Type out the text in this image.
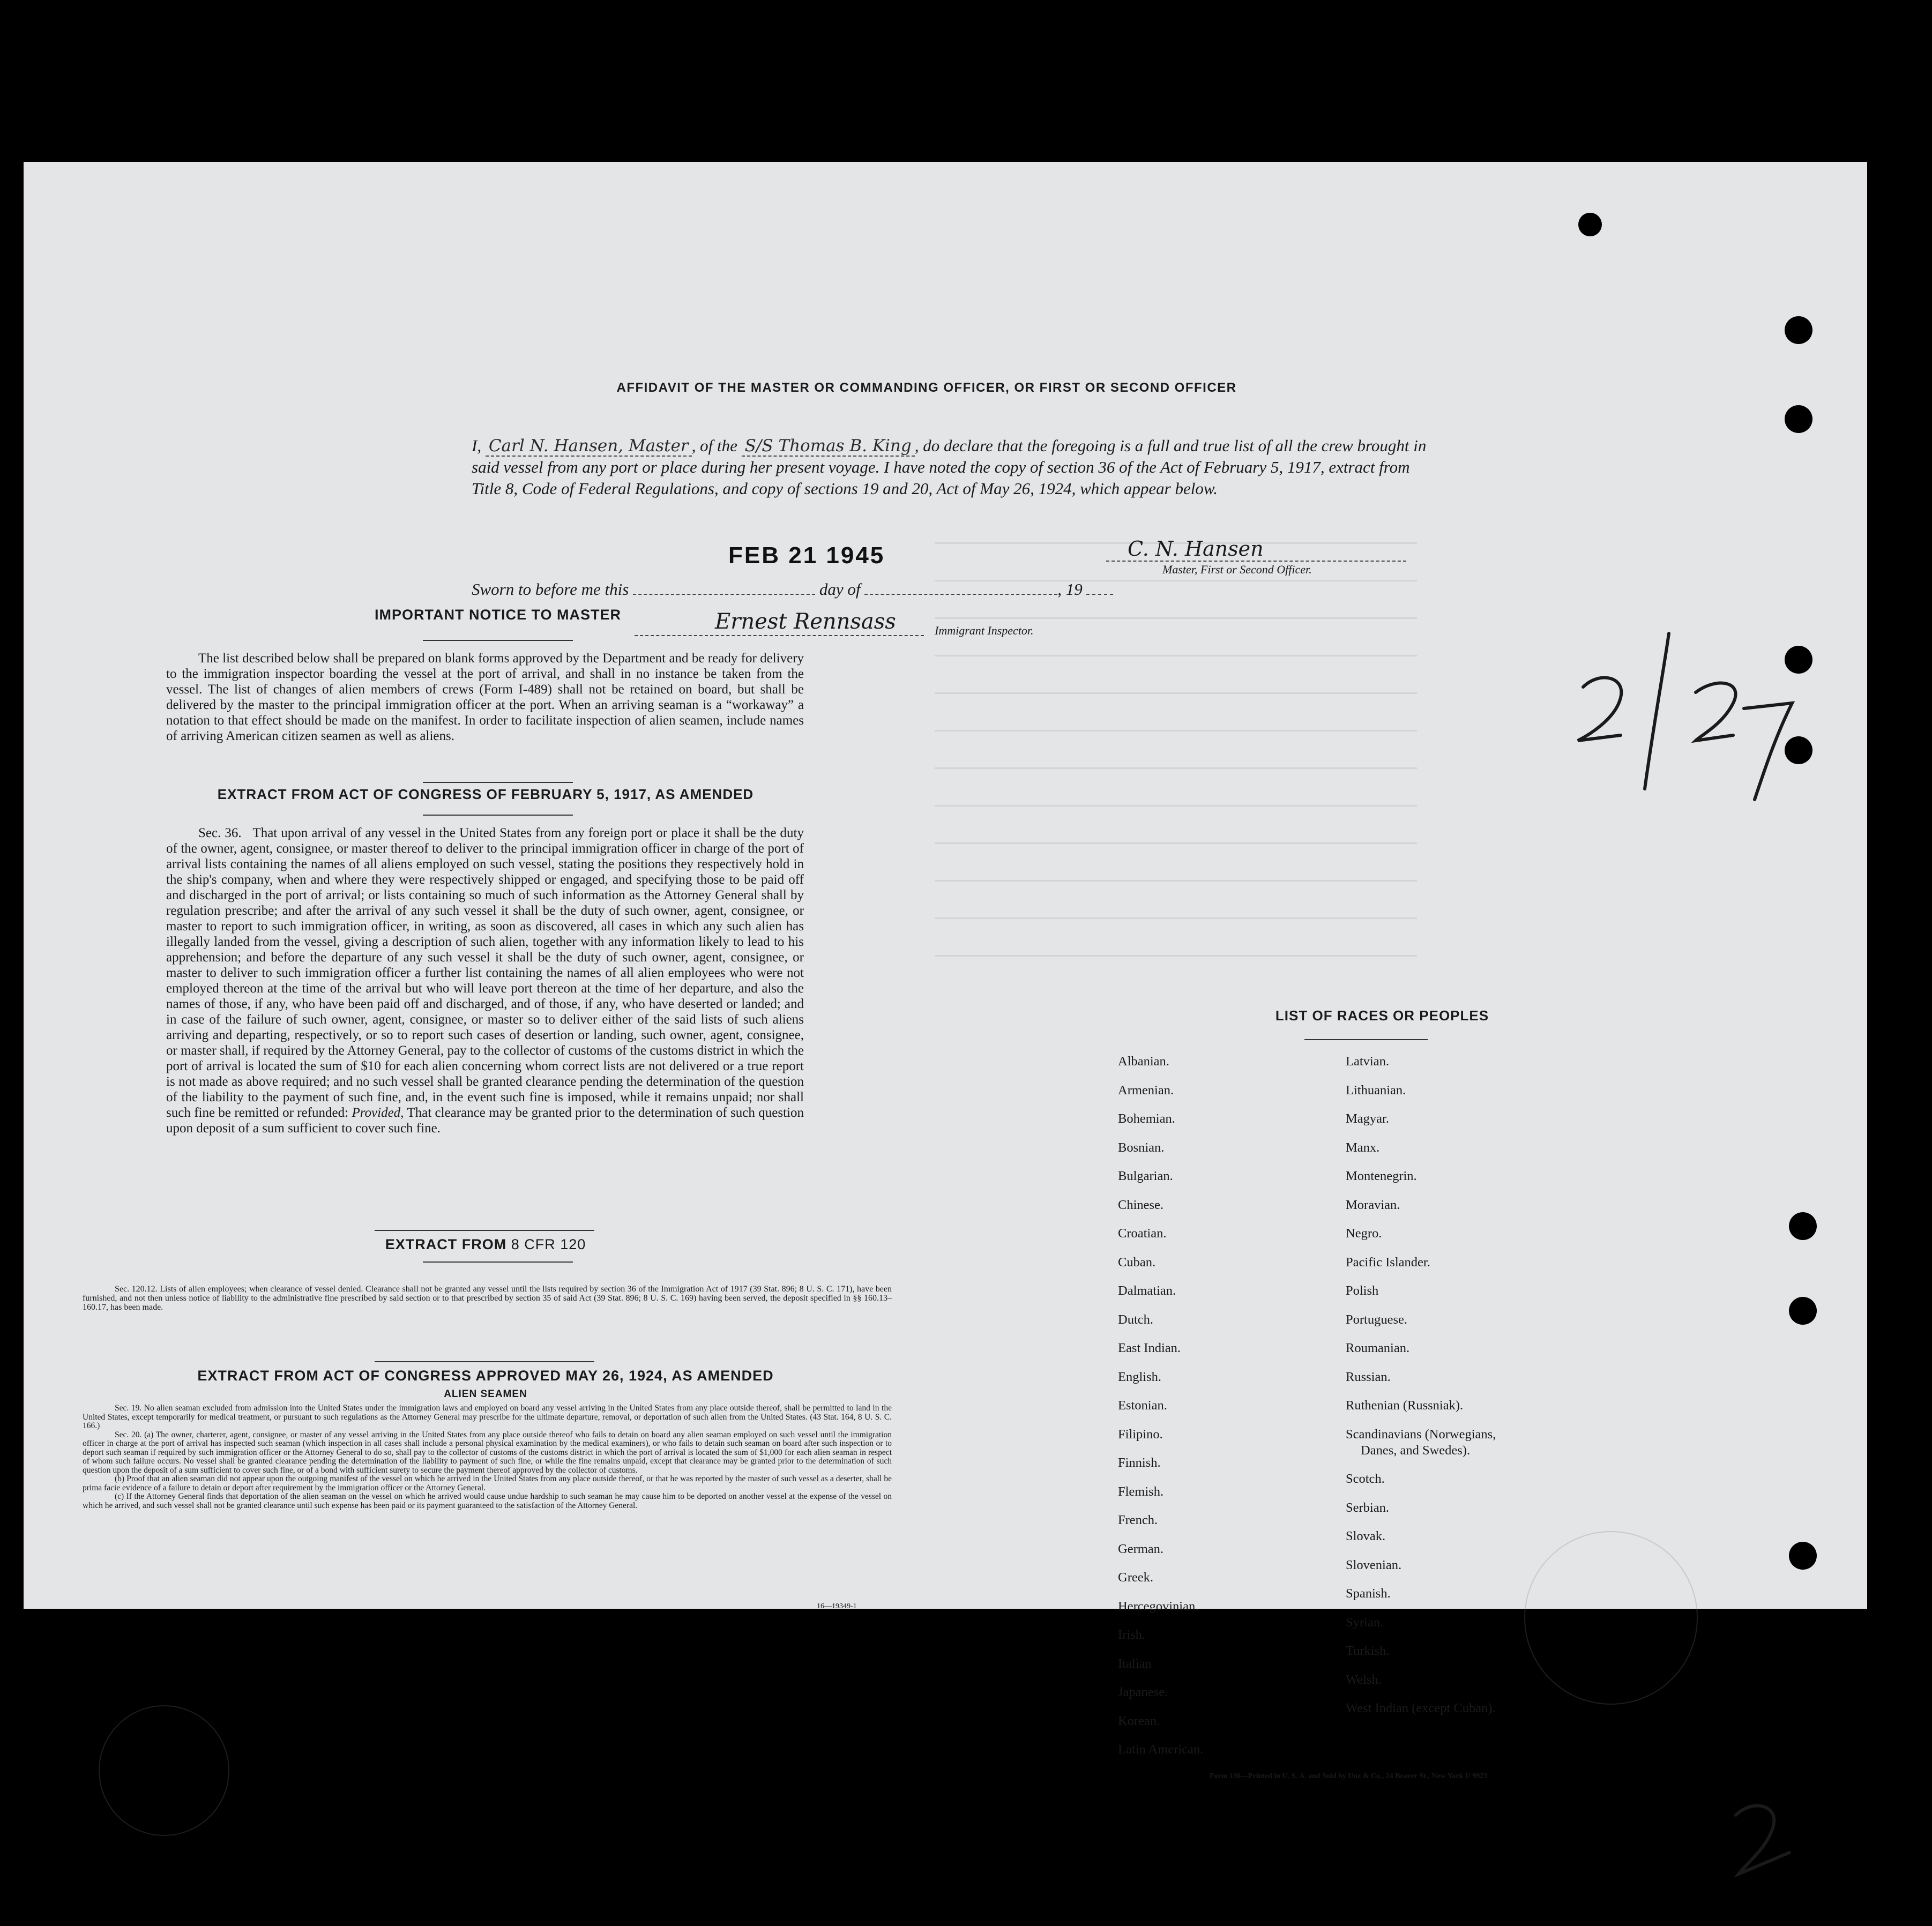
AFFIDAVIT OF THE MASTER OR COMMANDING OFFICER, OR FIRST OR SECOND OFFICER
I, Carl N. Hansen, Master , of the S/S Thomas B. King , do declare that the foregoing is a full and true list of all the crew brought in said vessel from any port or place during her present voyage. I have noted the copy of section 36 of the Act of February 5, 1917, extract from Title 8, Code of Federal Regulations, and copy of sections 19 and 20, Act of May 26, 1924, which appear below.
FEB 21 1945	C. N. Hansen
Master, First or Second Officer.
Sworn to before me this	day of	, 19
Ernest Rennsass	Immigrant Inspector.
IMPORTANT NOTICE TO MASTER
The list described below shall be prepared on blank forms approved by the Department and be ready for delivery to the immigration inspector boarding the vessel at the port of arrival, and shall in no instance be taken from the vessel. The list of changes of alien members of crews (Form I-489) shall not be retained on board, but shall be delivered by the master to the principal immigration officer at the port. When an arriving seaman is a “workaway” a notation to that effect should be made on the manifest. In order to facilitate inspection of alien seamen, include names of arriving American citizen seamen as well as aliens.
EXTRACT FROM ACT OF CONGRESS OF FEBRUARY 5, 1917, AS AMENDED
Sec. 36. That upon arrival of any vessel in the United States from any foreign port or place it shall be the duty of the owner, agent, consignee, or master thereof to deliver to the principal immigration officer in charge of the port of arrival lists containing the names of all aliens employed on such vessel, stating the positions they respectively hold in the ship's company, when and where they were respectively shipped or engaged, and specifying those to be paid off and discharged in the port of arrival; or lists containing so much of such information as the Attorney General shall by regulation prescribe; and after the arrival of any such vessel it shall be the duty of such owner, agent, consignee, or master to report to such immigration officer, in writing, as soon as discovered, all cases in which any such alien has illegally landed from the vessel, giving a description of such alien, together with any information likely to lead to his apprehension; and before the departure of any such vessel it shall be the duty of such owner, agent, consignee, or master to deliver to such immigration officer a further list containing the names of all alien employees who were not employed thereon at the time of the arrival but who will leave port thereon at the time of her departure, and also the names of those, if any, who have been paid off and discharged, and of those, if any, who have deserted or landed; and in case of the failure of such owner, agent, consignee, or master so to deliver either of the said lists of such aliens arriving and departing, respectively, or so to report such cases of desertion or landing, such owner, agent, consignee, or master shall, if required by the Attorney General, pay to the collector of customs of the customs district in which the port of arrival is located the sum of $10 for each alien concerning whom correct lists are not delivered or a true report is not made as above required; and no such vessel shall be granted clearance pending the determination of the question of the liability to the payment of such fine, and, in the event such fine is imposed, while it remains unpaid; nor shall such fine be remitted or refunded: Provided, That clearance may be granted prior to the determination of such question upon deposit of a sum sufficient to cover such fine.
EXTRACT FROM 8 CFR 120
Sec. 120.12. Lists of alien employees; when clearance of vessel denied. Clearance shall not be granted any vessel until the lists required by section 36 of the Immigration Act of 1917 (39 Stat. 896; 8 U. S. C. 171), have been furnished, and not then unless notice of liability to the administrative fine prescribed by said section or to that prescribed by section 35 of said Act (39 Stat. 896; 8 U. S. C. 169) having been served, the deposit specified in §§ 160.13–160.17, has been made.
EXTRACT FROM ACT OF CONGRESS APPROVED MAY 26, 1924, AS AMENDED
ALIEN SEAMEN
Sec. 19. No alien seaman excluded from admission into the United States under the immigration laws and employed on board any vessel arriving in the United States from any place outside thereof, shall be permitted to land in the United States, except temporarily for medical treatment, or pursuant to such regulations as the Attorney General may prescribe for the ultimate departure, removal, or deportation of such alien from the United States. (43 Stat. 164, 8 U. S. C. 166.)
Sec. 20. (a) The owner, charterer, agent, consignee, or master of any vessel arriving in the United States from any place outside thereof who fails to detain on board any alien seaman employed on such vessel until the immigration officer in charge at the port of arrival has inspected such seaman (which inspection in all cases shall include a personal physical examination by the medical examiners), or who fails to detain such seaman on board after such inspection or to deport such seaman if required by such immigration officer or the Attorney General to do so, shall pay to the collector of customs of the customs district in which the port of arrival is located the sum of $1,000 for each alien seaman in respect of whom such failure occurs. No vessel shall be granted clearance pending the determination of the liability to payment of such fine, or while the fine remains unpaid, except that clearance may be granted prior to the determination of such question upon the deposit of a sum sufficient to cover such fine, or of a bond with sufficient surety to secure the payment thereof approved by the collector of customs.
(b) Proof that an alien seaman did not appear upon the outgoing manifest of the vessel on which he arrived in the United States from any place outside thereof, or that he was reported by the master of such vessel as a deserter, shall be prima facie evidence of a failure to detain or deport after requirement by the immigration officer or the Attorney General.
(c) If the Attorney General finds that deportation of the alien seaman on the vessel on which he arrived would cause undue hardship to such seaman he may cause him to be deported on another vessel at the expense of the vessel on which he arrived, and such vessel shall not be granted clearance until such expense has been paid or its payment guaranteed to the satisfaction of the Attorney General.
16—19349-1
LIST OF RACES OR PEOPLES
Albanian.
Armenian.
Bohemian.
Bosnian.
Bulgarian.
Chinese.
Croatian.
Cuban.
Dalmatian.
Dutch.
East Indian.
English.
Estonian.
Filipino.
Finnish.
Flemish.
French.
German.
Greek.
Hercegovinian.
Irish.
Italian
Japanese.
Korean.
Latin American.
Latvian.
Lithuanian.
Magyar.
Manx.
Montenegrin.
Moravian.
Negro.
Pacific Islander.
Polish
Portuguese.
Roumanian.
Russian.
Ruthenian (Russniak).
Scandinavians (Norwegians,
Danes, and Swedes).
Scotch.
Serbian.
Slovak.
Slovenian.
Spanish.
Syrian.
Turkish.
Welsh.
West Indian (except Cuban).
Form 136—Printed in U. S. A. and Sold by Unz & Co., 24 Beaver St., New York U 9923
